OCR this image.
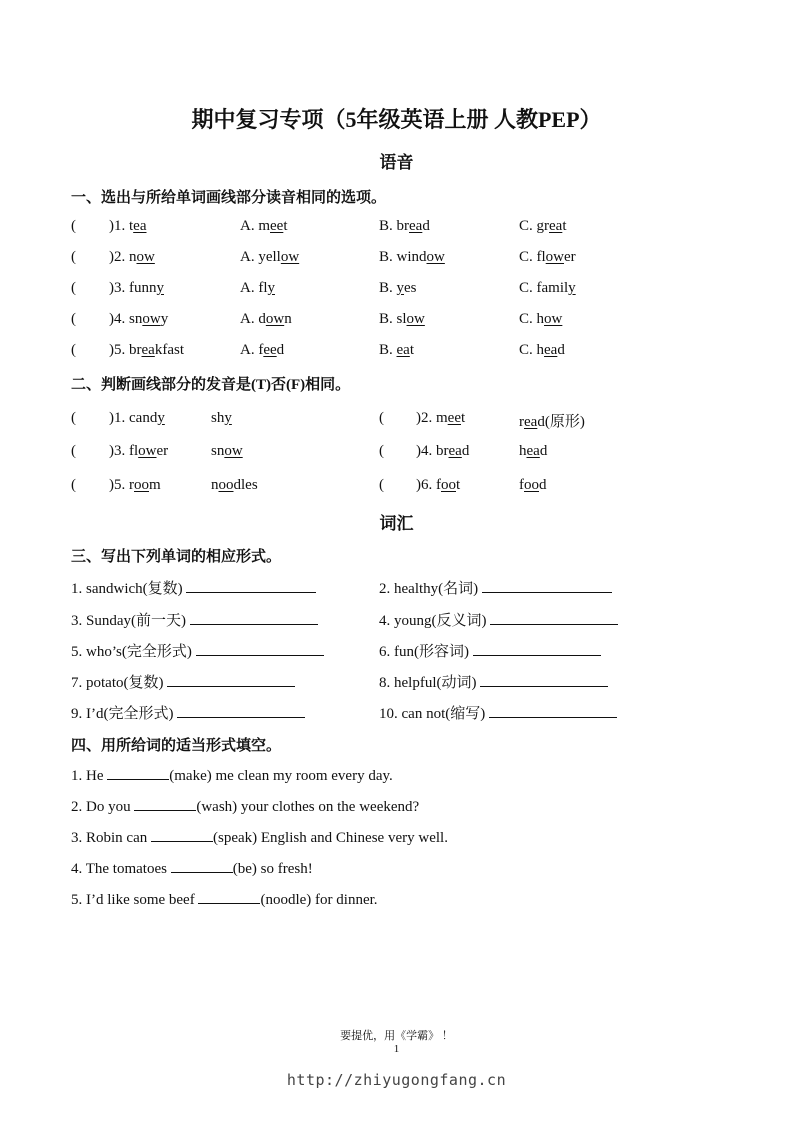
期中复习专项（5年级英语上册 人教PEP）
语音
一、选出与所给单词画线部分读音相同的选项。
( )1. tea	A. meet	B. bread	C. great
( )2. now	A. yellow	B. window	C. flower
( )3. funny	A. fly	B. yes	C. family
( )4. snowy	A. down	B. slow	C. how
( )5. breakfast	A. feed	B. eat	C. head
二、判断画线部分的发音是(T)否(F)相同。
( )1. candy	shy	( )2. meet	read(原形)
( )3. flower	snow	( )4. bread	head
( )5. room	noodles	( )6. foot	food
词汇
三、写出下列单词的相应形式。
1. sandwich(复数)	2. healthy(名词)
3. Sunday(前一天)	4. young(反义词)
5. who’s(完全形式)	6. fun(形容词)
7. potato(复数)	8. helpful(动词)
9. I’d(完全形式)	10. can not(缩写)
四、用所给词的适当形式填空。
1. He	(make) me clean my room every day.
2. Do you	(wash) your clothes on the weekend?
3. Robin can	(speak) English and Chinese very well.
4. The tomatoes	(be) so fresh!
5. I’d like some beef	(noodle) for dinner.
要提优，用《学霸》 ！
1
http://zhiyugongfang.cn
